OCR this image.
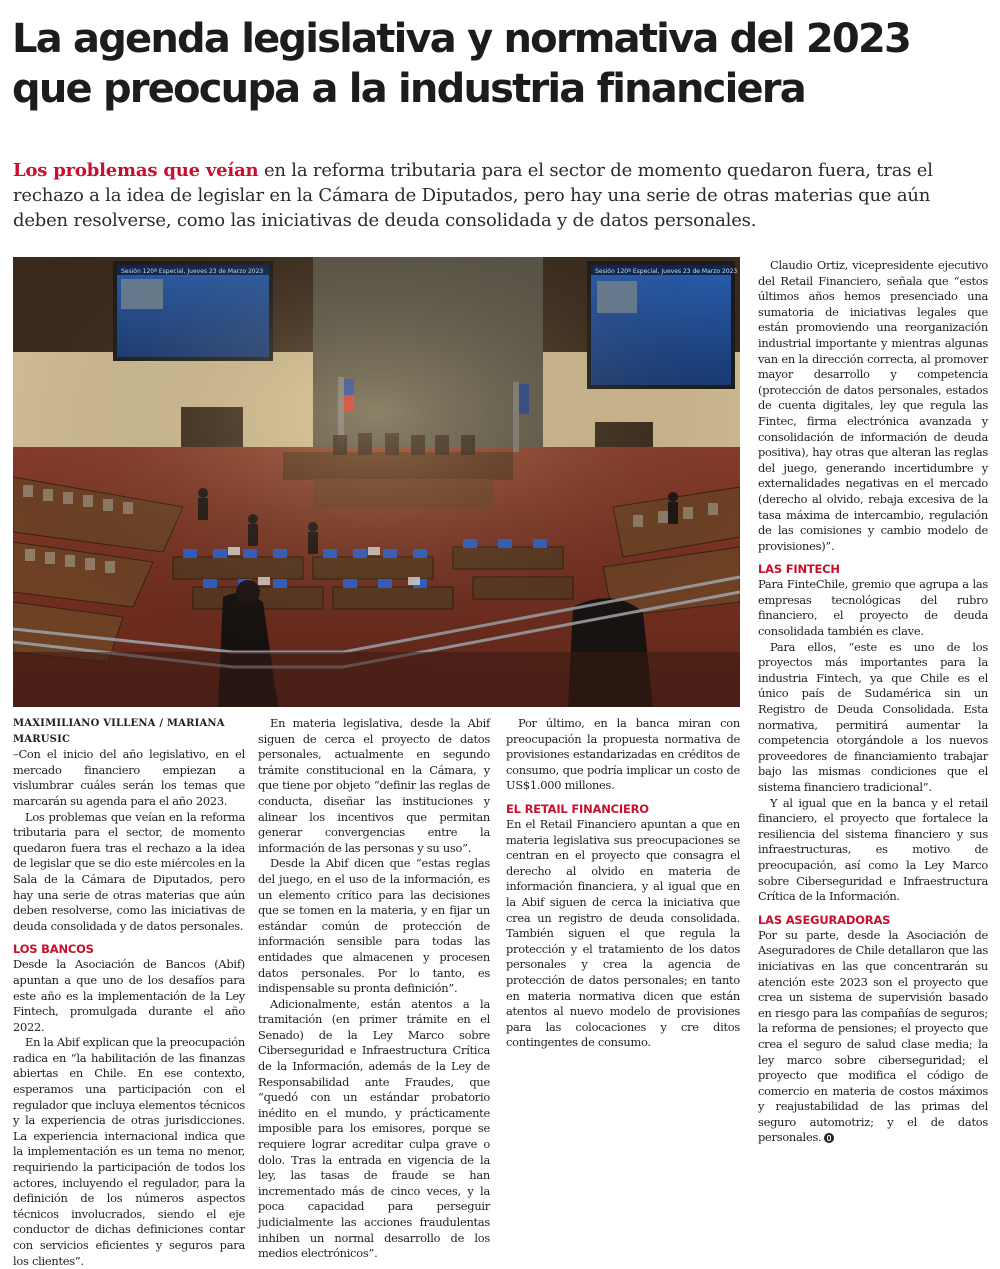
La agenda legislativa y normativa del 2023
que preocupa a la industria financiera

Los problemas que veían en la reforma tributaria para el sector de momento quedaron fuera, tras el rechazo a la idea de legislar en la Cámara de Diputados, pero hay una serie de otras materias que aún deben resolverse, como las iniciativas de deuda consolidada y de datos personales.

MAXIMILIANO VILLENA / MARIANA MARUSIC

–Con el inicio del año legislativo, en el mercado financiero empiezan a vislumbrar cuáles serán los temas que marcarán su agenda para el año 2023.

Los problemas que veían en la reforma tributaria para el sector, de momento quedaron fuera tras el rechazo a la idea de legislar que se dio este miércoles en la Sala de la Cámara de Diputados, pero hay una serie de otras materias que aún deben resolverse, como las iniciativas de deuda consolidada y de datos personales.

LOS BANCOS

Desde la Asociación de Bancos (Abif) apuntan a que uno de los desafíos para este año es la implementación de la Ley Fintech, promulgada durante el año 2022.

En la Abif explican que la preocupación radica en “la habilitación de las finanzas abiertas en Chile. En ese contexto, esperamos una participación con el regulador que incluya elementos técnicos y la experiencia de otras jurisdicciones. La experiencia internacional indica que la implementación es un tema no menor, requiriendo la participación de todos los actores, incluyendo el regulador, para la definición de los números aspectos técnicos involucrados, siendo el eje conductor de dichas definiciones contar con servicios eficientes y seguros para los clientes”.

En materia legislativa, desde la Abif siguen de cerca el proyecto de datos personales, actualmente en segundo trámite constitucional en la Cámara, y que tiene por objeto “definir las reglas de conducta, diseñar las instituciones y alinear los incentivos que permitan generar convergencias entre la información de las personas y su uso”.

Desde la Abif dicen que “estas reglas del juego, en el uso de la información, es un elemento crítico para las decisiones que se tomen en la materia, y en fijar un estándar común de protección de información sensible para todas las entidades que almacenen y procesen datos personales. Por lo tanto, es indispensable su pronta definición”.

Adicionalmente, están atentos a la tramitación (en primer trámite en el Senado) de la Ley Marco sobre Ciberseguridad e Infraestructura Crítica de la Información, además de la Ley de Responsabilidad ante Fraudes, que “quedó con un estándar probatorio inédito en el mundo, y prácticamente imposible para los emisores, porque se requiere lograr acreditar culpa grave o dolo. Tras la entrada en vigencia de la ley, las tasas de fraude se han incrementado más de cinco veces, y la poca capacidad para perseguir judicialmente las acciones fraudulentas inhiben un normal desarrollo de los medios electrónicos”.

Por último, en la banca miran con preocupación la propuesta normativa de provisiones estandarizadas en créditos de consumo, que podría implicar un costo de US$1.000 millones.

EL RETAIL FINANCIERO

En el Retail Financiero apuntan a que en materia legislativa sus preocupaciones se centran en el proyecto que consagra el derecho al olvido en materia de información financiera, y al igual que en la Abif siguen de cerca la iniciativa que crea un registro de deuda consolidada. También siguen el que regula la protección y el tratamiento de los datos personales y crea la agencia de protección de datos personales; en tanto en materia normativa dicen que están atentos al nuevo modelo de provisiones para las colocaciones y cre ditos contingentes de consumo.

Claudio Ortiz, vicepresidente ejecutivo del Retail Financiero, señala que “estos últimos años hemos presenciado una sumatoria de iniciativas legales que están promoviendo una reorganización industrial importante y mientras algunas van en la dirección correcta, al promover mayor desarrollo y competencia (protección de datos personales, estados de cuenta digitales, ley que regula las Fintec, firma electrónica avanzada y consolidación de información de deuda positiva), hay otras que alteran las reglas del juego, generando incertidumbre y externalidades negativas en el mercado (derecho al olvido, rebaja excesiva de la tasa máxima de intercambio, regulación de las comisiones y cambio modelo de provisiones)”.

LAS FINTECH

Para FinteChile, gremio que agrupa a las empresas tecnológicas del rubro financiero, el proyecto de deuda consolidada también es clave.

Para ellos, “este es uno de los proyectos más importantes para la industria Fintech, ya que Chile es el único país de Sudamérica sin un Registro de Deuda Consolidada. Esta normativa, permitirá aumentar la competencia otorgándole a los nuevos proveedores de financiamiento trabajar bajo las mismas condiciones que el sistema financiero tradicional”.

Y al igual que en la banca y el retail financiero, el proyecto que fortalece la resiliencia del sistema financiero y sus infraestructuras, es motivo de preocupación, así como la Ley Marco sobre Ciberseguridad e Infraestructura Crítica de la Información.

LAS ASEGURADORAS

Por su parte, desde la Asociación de Aseguradores de Chile detallaron que las iniciativas en las que concentrarán su atención este 2023 son el proyecto que crea un sistema de supervisión basado en riesgo para las compañías de seguros; la reforma de pensiones; el proyecto que crea el seguro de salud clase media; la ley marco sobre ciberseguridad; el proyecto que modifica el código de comercio en materia de costos máximos y reajustabilidad de las primas del seguro automotriz; y el de datos personales.
